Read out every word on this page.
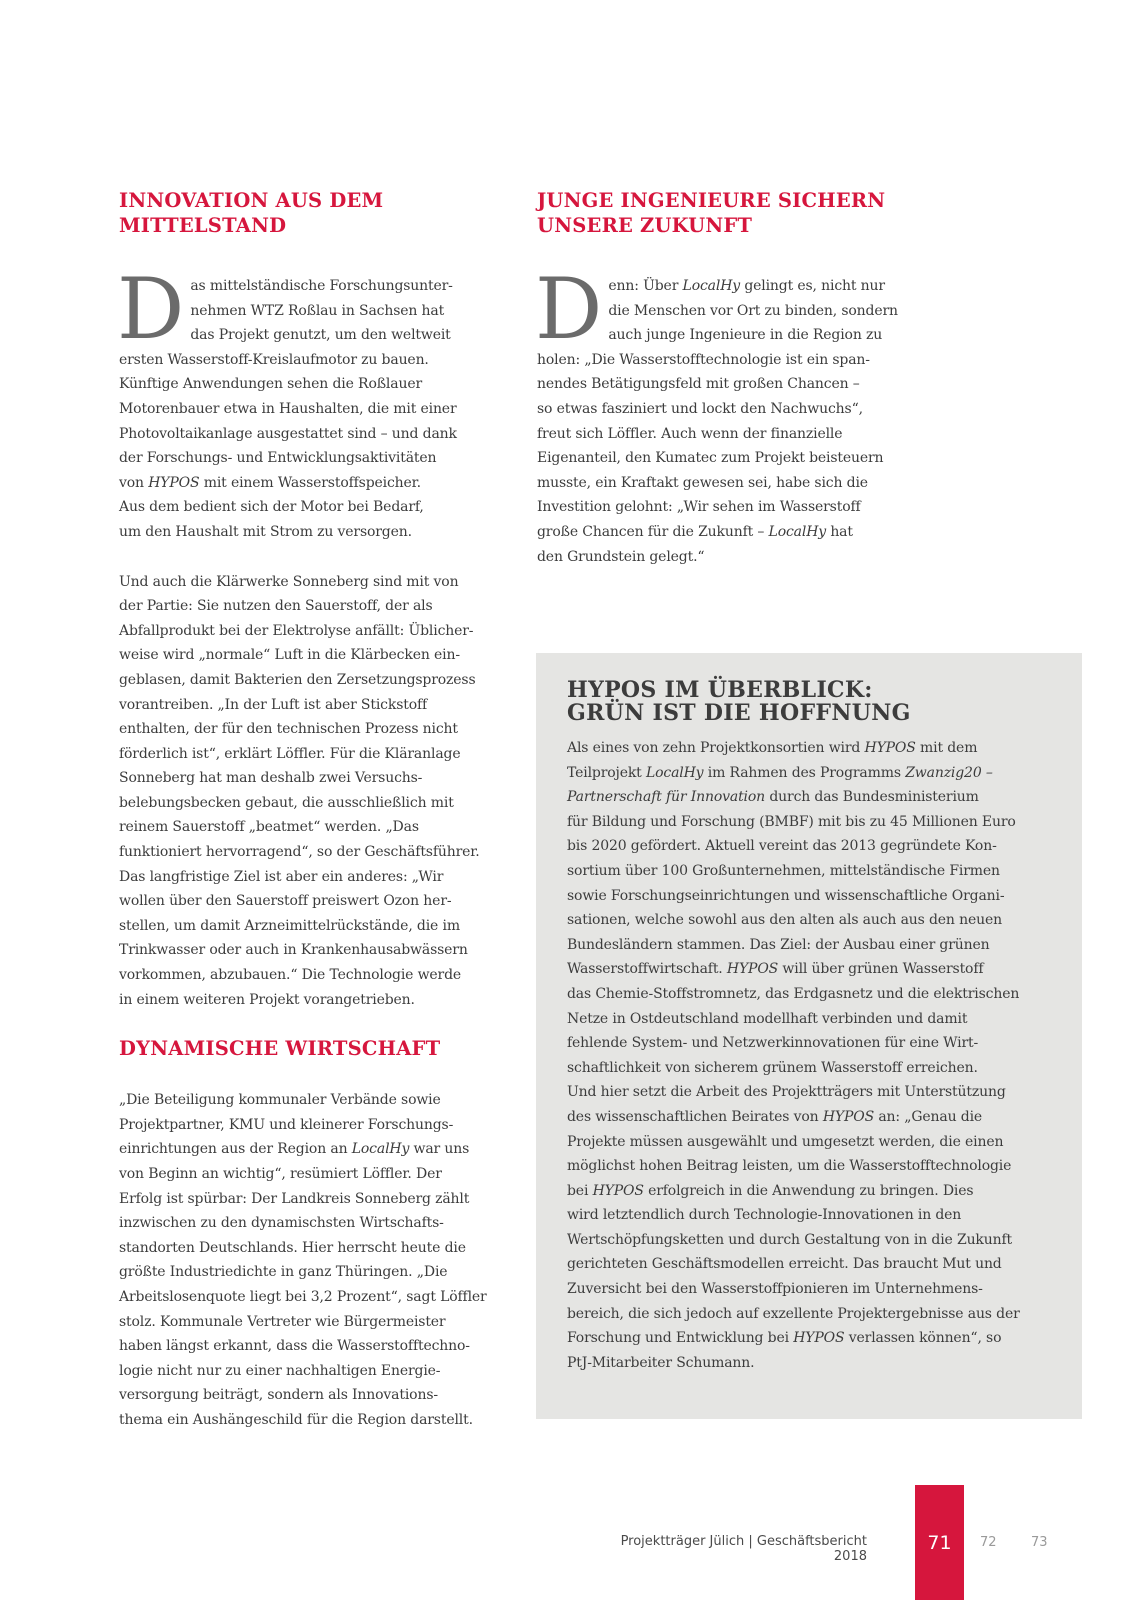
INNOVATION AUS DEM
MITTELSTAND
D as mittelständische Forschungsunter-
nehmen WTZ Roßlau in Sachsen hat
das Projekt genutzt, um den weltweit
ersten Wasserstoff-Kreislaufmotor zu bauen.
Künftige Anwendungen sehen die Roßlauer
Motorenbauer etwa in Haushalten, die mit einer
Photovoltaikanlage ausgestattet sind – und dank
der Forschungs- und Entwicklungsaktivitäten
von HYPOS mit einem Wasserstoffspeicher.
Aus dem bedient sich der Motor bei Bedarf,
um den Haushalt mit Strom zu versorgen.

Und auch die Klärwerke Sonneberg sind mit von
der Partie: Sie nutzen den Sauerstoff, der als
Abfallprodukt bei der Elektrolyse anfällt: Üblicher-
weise wird „normale“ Luft in die Klärbecken ein-
geblasen, damit Bakterien den Zersetzungsprozess
vorantreiben. „In der Luft ist aber Stickstoff
enthalten, der für den technischen Prozess nicht
förderlich ist“, erklärt Löffler. Für die Kläranlage
Sonneberg hat man deshalb zwei Versuchs-
belebungsbecken gebaut, die ausschließlich mit
reinem Sauerstoff „beatmet“ werden. „Das
funktioniert hervorragend“, so der Geschäftsführer.
Das langfristige Ziel ist aber ein anderes: „Wir
wollen über den Sauerstoff preiswert Ozon her-
stellen, um damit Arzneimittelrückstände, die im
Trinkwasser oder auch in Krankenhausabwässern
vorkommen, abzubauen.“ Die Technologie werde
in einem weiteren Projekt vorangetrieben.

DYNAMISCHE WIRTSCHAFT

„Die Beteiligung kommunaler Verbände sowie
Projektpartner, KMU und kleinerer Forschungs-
einrichtungen aus der Region an LocalHy war uns
von Beginn an wichtig“, resümiert Löffler. Der
Erfolg ist spürbar: Der Landkreis Sonneberg zählt
inzwischen zu den dynamischsten Wirtschafts-
standorten Deutschlands. Hier herrscht heute die
größte Industriedichte in ganz Thüringen. „Die
Arbeitslosenquote liegt bei 3,2 Prozent“, sagt Löffler
stolz. Kommunale Vertreter wie Bürgermeister
haben längst erkannt, dass die Wasserstofftechno-
logie nicht nur zu einer nachhaltigen Energie-
versorgung beiträgt, sondern als Innovations-
thema ein Aushängeschild für die Region darstellt.

JUNGE INGENIEURE SICHERN
UNSERE ZUKUNFT
D enn: Über LocalHy gelingt es, nicht nur
die Menschen vor Ort zu binden, sondern
auch junge Ingenieure in die Region zu
holen: „Die Wasserstofftechnologie ist ein span-
nendes Betätigungsfeld mit großen Chancen –
so etwas fasziniert und lockt den Nachwuchs“,
freut sich Löffler. Auch wenn der finanzielle
Eigenanteil, den Kumatec zum Projekt beisteuern
musste, ein Kraftakt gewesen sei, habe sich die
Investition gelohnt: „Wir sehen im Wasserstoff
große Chancen für die Zukunft – LocalHy hat
den Grundstein gelegt.“

HYPOS IM ÜBERBLICK:
GRÜN IST DIE HOFFNUNG

Als eines von zehn Projektkonsortien wird HYPOS mit dem
Teilprojekt LocalHy im Rahmen des Programms Zwanzig20 –
Partnerschaft für Innovation durch das Bundesministerium
für Bildung und Forschung (BMBF) mit bis zu 45 Millionen Euro
bis 2020 gefördert. Aktuell vereint das 2013 gegründete Kon-
sortium über 100 Großunternehmen, mittelständische Firmen
sowie Forschungseinrichtungen und wissenschaftliche Organi-
sationen, welche sowohl aus den alten als auch aus den neuen
Bundesländern stammen. Das Ziel: der Ausbau einer grünen
Wasserstoffwirtschaft. HYPOS will über grünen Wasserstoff
das Chemie-Stoffstromnetz, das Erdgasnetz und die elektrischen
Netze in Ostdeutschland modellhaft verbinden und damit
fehlende System- und Netzwerkinnovationen für eine Wirt-
schaftlichkeit von sicherem grünem Wasserstoff erreichen.
Und hier setzt die Arbeit des Projektträgers mit Unterstützung
des wissenschaftlichen Beirates von HYPOS an: „Genau die
Projekte müssen ausgewählt und umgesetzt werden, die einen
möglichst hohen Beitrag leisten, um die Wasserstofftechnologie
bei HYPOS erfolgreich in die Anwendung zu bringen. Dies
wird letztendlich durch Technologie-Innovationen in den
Wertschöpfungsketten und durch Gestaltung von in die Zukunft
gerichteten Geschäftsmodellen erreicht. Das braucht Mut und
Zuversicht bei den Wasserstoffpionieren im Unternehmens-
bereich, die sich jedoch auf exzellente Projektergebnisse aus der
Forschung und Entwicklung bei HYPOS verlassen können“, so
PtJ-Mitarbeiter Schumann.

Projektträger Jülich | Geschäftsbericht 2018
71	72	73
